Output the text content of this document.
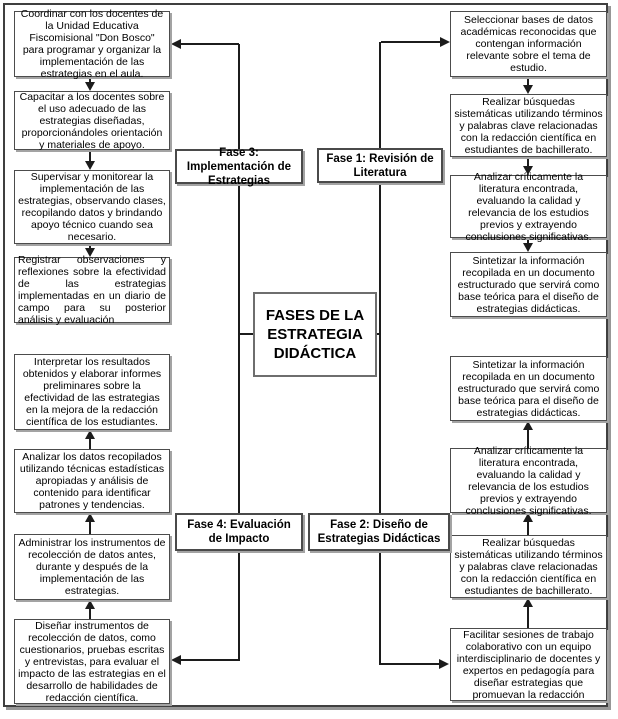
Coordinar con los docentes de la Unidad Educativa Fiscomisional "Don Bosco" para programar y organizar la implementación de las estrategias en el aula.
Capacitar a los docentes sobre el uso adecuado de las estrategias diseñadas, proporcionándoles orientación y materiales de apoyo.
Supervisar y monitorear la implementación de las estrategias, observando clases, recopilando datos y brindando apoyo técnico cuando sea necesario.
Registrar observaciones y reflexiones sobre la efectividad de las estrategias implementadas en un diario de campo para su posterior análisis y evaluación
Seleccionar bases de datos académicas reconocidas que contengan información relevante sobre el tema de estudio.
Realizar búsquedas sistemáticas utilizando términos y palabras clave relacionadas con la redacción científica en estudiantes de bachillerato.
Analizar críticamente la literatura encontrada, evaluando la calidad y relevancia de los estudios previos y extrayendo conclusiones significativas.
Sintetizar la información recopilada en un documento estructurado que servirá como base teórica para el diseño de estrategias didácticas.
Interpretar los resultados obtenidos y elaborar informes preliminares sobre la efectividad de las estrategias en la mejora de la redacción científica de los estudiantes.
Analizar los datos recopilados utilizando técnicas estadísticas apropiadas y análisis de contenido para identificar patrones y tendencias.
Administrar los instrumentos de recolección de datos antes, durante y después de la implementación de las estrategias.
Diseñar instrumentos de recolección de datos, como cuestionarios, pruebas escritas y entrevistas, para evaluar el impacto de las estrategias en el desarrollo de habilidades de redacción científica.
Sintetizar la información recopilada en un documento estructurado que servirá como base teórica para el diseño de estrategias didácticas.
Analizar críticamente la literatura encontrada, evaluando la calidad y relevancia de los estudios previos y extrayendo conclusiones significativas.
Realizar búsquedas sistemáticas utilizando términos y palabras clave relacionadas con la redacción científica en estudiantes de bachillerato.
Facilitar sesiones de trabajo colaborativo con un equipo interdisciplinario de docentes y expertos en pedagogía para diseñar estrategias que promuevan la redacción
Fase 3: Implementación de Estrategias
Fase 1: Revisión de Literatura
Fase 4: Evaluación de Impacto
Fase 2: Diseño de Estrategias Didácticas
FASES DE LA ESTRATEGIA DIDÁCTICA
